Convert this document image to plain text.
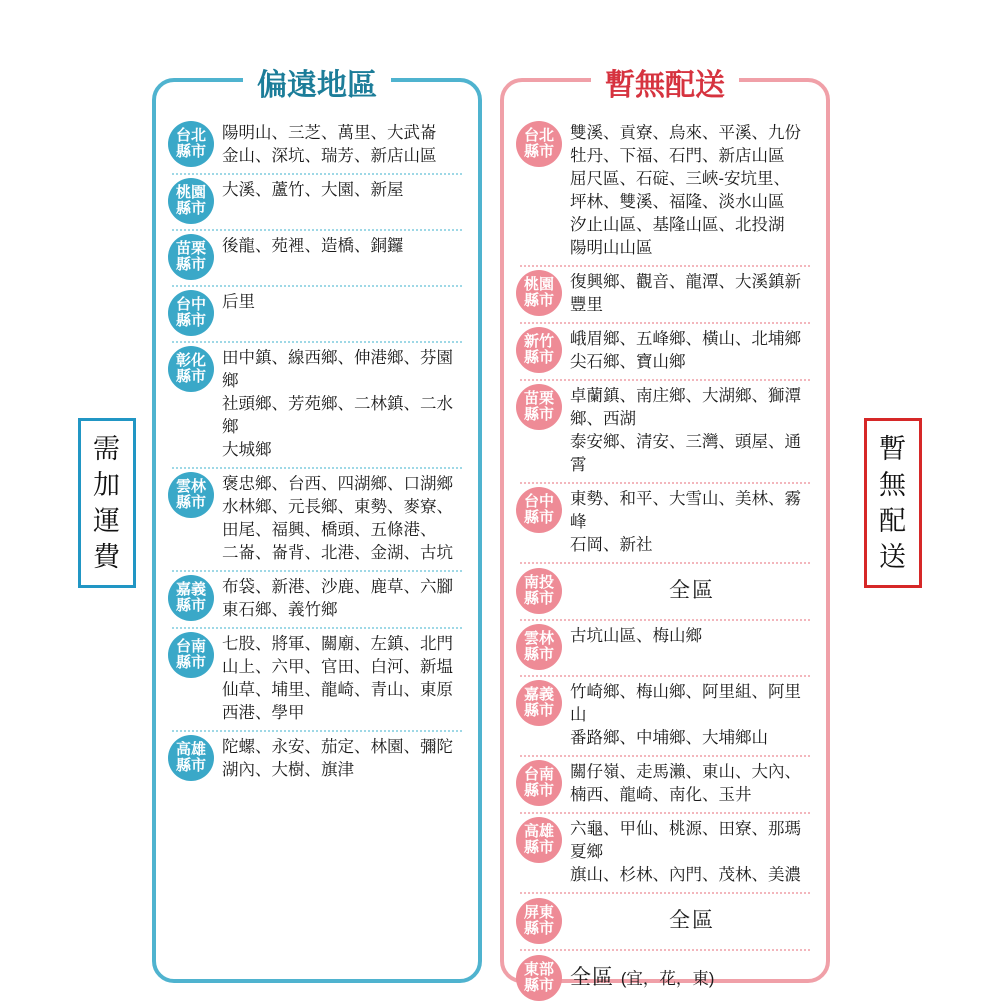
需
加
運
費
暫
無
配
送
偏遠地區
台北
縣市
陽明山、三芝、萬里、大武崙
金山、深坑、瑞芳、新店山區
桃園
縣市
大溪、蘆竹、大園、新屋
苗栗
縣市
後龍、苑裡、造橋、銅鑼
台中
縣市
后里
彰化
縣市
田中鎮、線西鄉、伸港鄉、芬園鄉
社頭鄉、芳苑鄉、二林鎮、二水鄉
大城鄉
雲林
縣市
褒忠鄉、台西、四湖鄉、口湖鄉
水林鄉、元長鄉、東勢、麥寮、
田尾、福興、橋頭、五條港、
二崙、崙背、北港、金湖、古坑
嘉義
縣市
布袋、新港、沙鹿、鹿草、六腳
東石鄉、義竹鄉
台南
縣市
七股、將軍、關廟、左鎮、北門
山上、六甲、官田、白河、新塭
仙草、埔里、龍崎、青山、東原
西港、學甲
高雄
縣市
陀螺、永安、茄定、林園、彌陀
湖內、大樹、旗津
暫無配送
台北
縣市
雙溪、貢寮、烏來、平溪、九份
牡丹、下福、石門、新店山區
屈尺區、石碇、三峽-安坑里、
坪林、雙溪、福隆、淡水山區
汐止山區、基隆山區、北投湖
陽明山山區
桃園
縣市
復興鄉、觀音、龍潭、大溪鎮新豐里
新竹
縣市
峨眉鄉、五峰鄉、橫山、北埔鄉
尖石鄉、寶山鄉
苗栗
縣市
卓蘭鎮、南庄鄉、大湖鄉、獅潭鄉、西湖
泰安鄉、清安、三灣、頭屋、通霄
台中
縣市
東勢、和平、大雪山、美林、霧峰
石岡、新社
南投
縣市	全區
雲林
縣市
古坑山區、梅山鄉
嘉義
縣市
竹崎鄉、梅山鄉、阿里組、阿里山
番路鄉、中埔鄉、大埔鄉山
台南
縣市
關仔嶺、走馬瀨、東山、大內、
楠西、龍崎、南化、玉井
高雄
縣市
六龜、甲仙、桃源、田寮、那瑪夏鄉
旗山、杉林、內門、茂林、美濃
屏東
縣市	全區
東部
縣市 全區 (宜，花，東)
